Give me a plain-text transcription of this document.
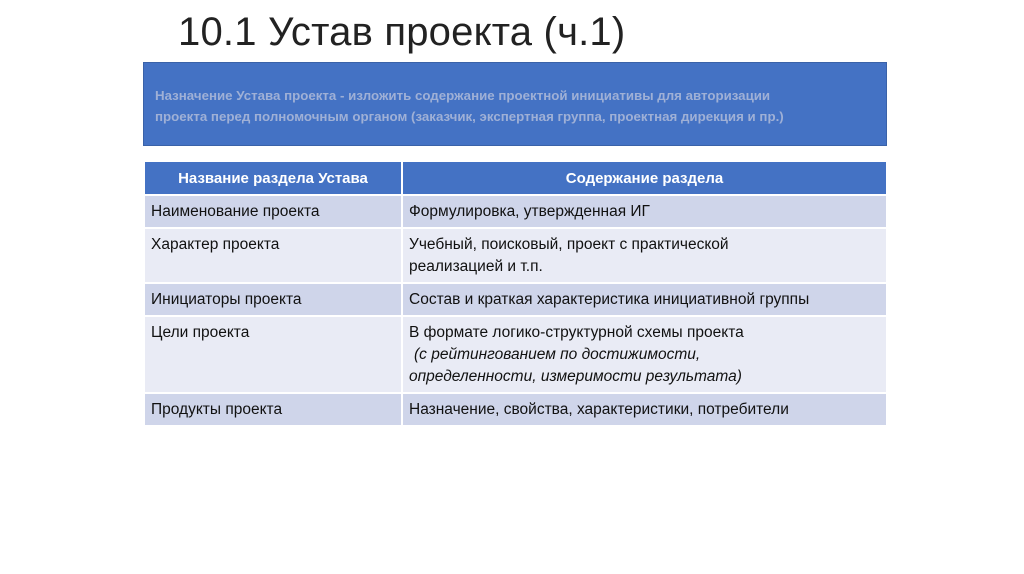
10.1 Устав проекта (ч.1)
Назначение Устава проекта - изложить содержание проектной инициативы для авторизации
проекта перед полномочным органом (заказчик, экспертная группа, проектная дирекция и пр.)
Название раздела Устава	Содержание раздела
Наименование проекта	Формулировка, утвержденная ИГ

Характер проекта	Учебный, поисковый, проект с практической
реализацией и т.п.

Инициаторы проекта	Состав и краткая характеристика инициативной группы

Цели проекта	В формате логико-структурной схемы проекта
(с рейтингованием по достижимости,
определенности, измеримости результата)

Продукты проекта	Назначение, свойства, характеристики, потребители
